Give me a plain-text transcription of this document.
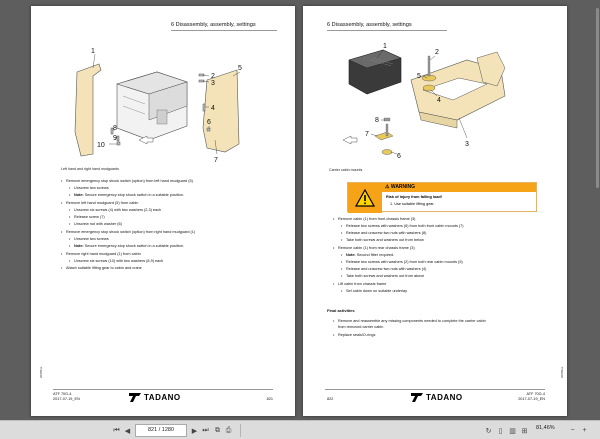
6 Disassembly, assembly, settings
1
2
3
4
5
6
7
8
9
10
Left hand and right hand mudguards
• Remove emergency stop shock switch (option) from left hand mudguard (5)
• Unscrew two screws
• Note: Secure emergency stop shock switch in a suitable position.
• Remove left hand mudguard (5) from cabin
• Unscrew six screws (4) with two washers (2,3) each
• Release screw (7)
• Unscrew nut with washer (6)
• Remove emergency stop shock switch (option) from right hand mudguard (1)
• Unscrew two screws
• Note: Secure emergency stop shock switch in a suitable position.
• Remove right hand mudguard (1) from cabin
• Unscrew six screws (10) with two washers (8,9) each
• Attach suitable lifting gear to cabin and crane
20650xx
ATF 70G-4
2017-07-19_EN	TADANO	821
6 Disassembly, assembly, settings
1
2
3
4
5
6
7
8
Carrier cabin mounts
⚠ WARNING
Risk of injury from falling load!
1. Use suitable lifting gear.
• Remove cabin (1) from front chassis frame (3)
• Release two screws with washers (6) from both front cabin mounts (7)
• Release and unscrew two nuts with washers (8)
• Take both screws and washers out from below
• Remove cabin (1) from rear chassis frame (3)
• Note: Second fitter required.
• Release two screws with washers (2) from both rear cabin mounts (5)
• Release and unscrew two nuts with washers (4)
• Take both screws and washers out from above
• Lift cabin from chassis frame
• Set cabin down on suitable underlay
Final activities
• Remove and reassemble any missing components needed to complete the carrier cabin
from removed carrier cabin
• Replace seals/O-rings
20650xx
822	TADANO	ATF 70G-4
2017-07-19_EN
⏮ ◀	821 / 1280	▶ ⏭ ⧉ ⎙	↻ ▯ ▥ ⊞ 81,46% − +
